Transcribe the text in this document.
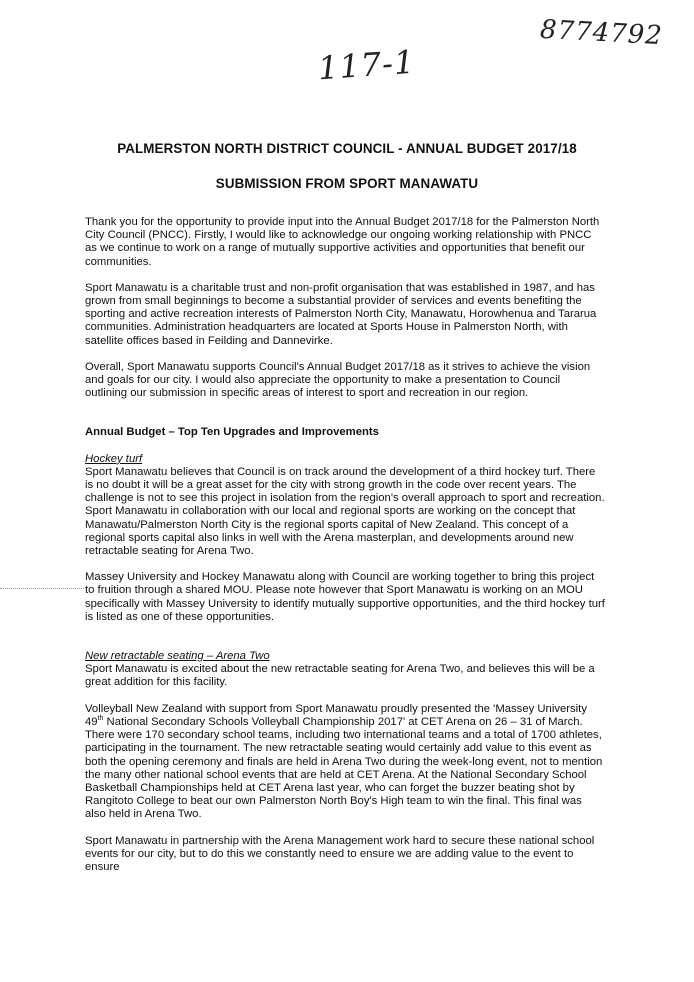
8774792
117-1
PALMERSTON NORTH DISTRICT COUNCIL - ANNUAL BUDGET 2017/18
SUBMISSION FROM SPORT MANAWATU

Thank you for the opportunity to provide input into the Annual Budget 2017/18 for the Palmerston North City Council (PNCC). Firstly, I would like to acknowledge our ongoing working relationship with PNCC as we continue to work on a range of mutually supportive activities and opportunities that benefit our communities.

Sport Manawatu is a charitable trust and non-profit organisation that was established in 1987, and has grown from small beginnings to become a substantial provider of services and events benefiting the sporting and active recreation interests of Palmerston North City, Manawatu, Horowhenua and Tararua communities. Administration headquarters are located at Sports House in Palmerston North, with satellite offices based in Feilding and Dannevirke.

Overall, Sport Manawatu supports Council's Annual Budget 2017/18 as it strives to achieve the vision and goals for our city. I would also appreciate the opportunity to make a presentation to Council outlining our submission in specific areas of interest to sport and recreation in our region.

Annual Budget – Top Ten Upgrades and Improvements

Hockey turf

Sport Manawatu believes that Council is on track around the development of a third hockey turf. There is no doubt it will be a great asset for the city with strong growth in the code over recent years. The challenge is not to see this project in isolation from the region's overall approach to sport and recreation. Sport Manawatu in collaboration with our local and regional sports are working on the concept that Manawatu/Palmerston North City is the regional sports capital of New Zealand. This concept of a regional sports capital also links in well with the Arena masterplan, and developments around new retractable seating for Arena Two.

Massey University and Hockey Manawatu along with Council are working together to bring this project to fruition through a shared MOU. Please note however that Sport Manawatu is working on an MOU specifically with Massey University to identify mutually supportive opportunities, and the third hockey turf is listed as one of these opportunities.

New retractable seating – Arena Two

Sport Manawatu is excited about the new retractable seating for Arena Two, and believes this will be a great addition for this facility.

Volleyball New Zealand with support from Sport Manawatu proudly presented the 'Massey University 49th National Secondary Schools Volleyball Championship 2017' at CET Arena on 26 – 31 of March. There were 170 secondary school teams, including two international teams and a total of 1700 athletes, participating in the tournament. The new retractable seating would certainly add value to this event as both the opening ceremony and finals are held in Arena Two during the week-long event, not to mention the many other national school events that are held at CET Arena. At the National Secondary School Basketball Championships held at CET Arena last year, who can forget the buzzer beating shot by Rangitoto College to beat our own Palmerston North Boy's High team to win the final. This final was also held in Arena Two.

Sport Manawatu in partnership with the Arena Management work hard to secure these national school events for our city, but to do this we constantly need to ensure we are adding value to the event to ensure
